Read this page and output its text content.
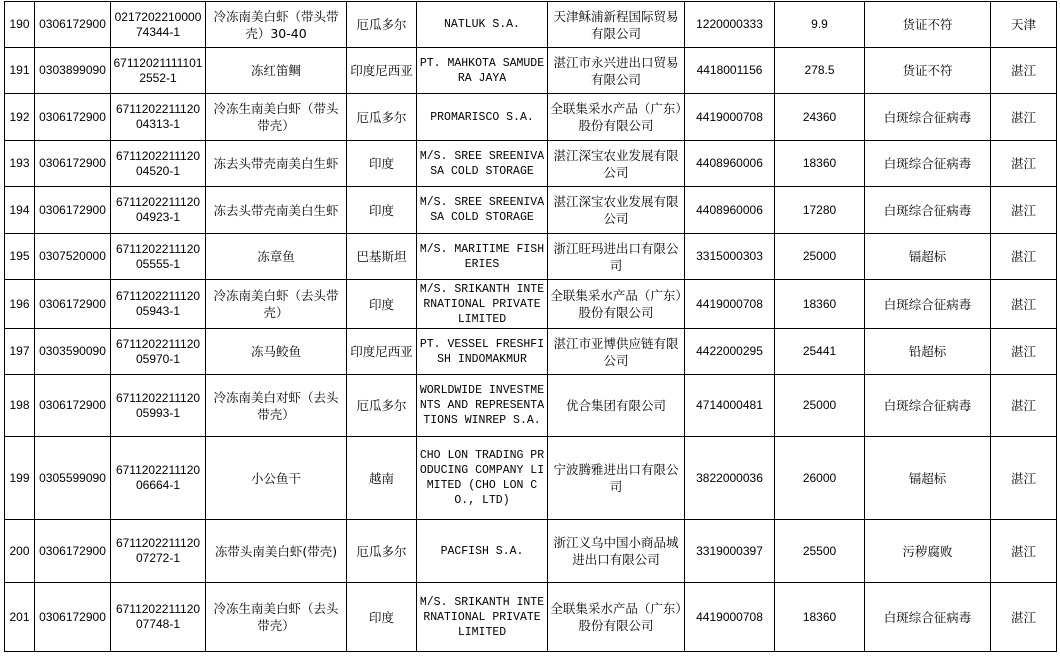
190	0306172900	021720221000074344-1	冷冻南美白虾（带头带壳）30-40	厄瓜多尔	NATLUK S.A.	天津稣浦新程国际贸易有限公司	1220000333	9.9	货证不符	天津

191	0303899090	671120211111012552-1	冻红笛鲷	印度尼西亚	PT. MAHKOTA SAMUDERA JAYA	湛江市永兴进出口贸易有限公司	4418001156	278.5	货证不符	湛江

192	0306172900	671120221112004313-1	冷冻生南美白虾（带头带壳）	厄瓜多尔	PROMARISCO S.A.	全联集采水产品（广东）股份有限公司	4419000708	24360	白斑综合征病毒	湛江

193	0306172900	671120221112004520-1	冻去头带壳南美白生虾	印度	M/S. SREE SREENIVASA COLD STORAGE	湛江深宝农业发展有限公司	4408960006	18360	白斑综合征病毒	湛江

194	0306172900	671120221112004923-1	冻去头带壳南美白生虾	印度	M/S. SREE SREENIVASA COLD STORAGE	湛江深宝农业发展有限公司	4408960006	17280	白斑综合征病毒	湛江

195	0307520000	671120221112005555-1	冻章鱼	巴基斯坦	M/S. MARITIME FISHERIES	浙江旺玛进出口有限公司	3315000303	25000	镉超标	湛江

196	0306172900	671120221112005943-1	冷冻南美白虾（去头带壳）	印度	M/S. SRIKANTH INTERNATIONAL PRIVATE LIMITED	全联集采水产品（广东）股份有限公司	4419000708	18360	白斑综合征病毒	湛江

197	0303590090	671120221112005970-1	冻马鲛鱼	印度尼西亚	PT. VESSEL FRESHFISH INDOMAKMUR	湛江市亚博供应链有限公司	4422000295	25441	铅超标	湛江

198	0306172900	671120221112005993-1	冷冻南美白对虾（去头带壳）	厄瓜多尔	WORLDWIDE INVESTMENTS AND REPRESENTATIONS WINREP S.A.	优合集团有限公司	4714000481	25000	白斑综合征病毒	湛江

199	0305599090	671120221112006664-1	小公鱼干	越南	CHO LON TRADING PRODUCING COMPANY LIMITED (CHO LON CO., LTD)	宁波腾雅进出口有限公司	3822000036	26000	镉超标	湛江

200	0306172900	671120221112007272-1	冻带头南美白虾(带壳)	厄瓜多尔	PACFISH S.A.	浙江义乌中国小商品城进出口有限公司	3319000397	25500	污秽腐败	湛江

201	0306172900	671120221112007748-1	冷冻生南美白虾（去头带壳）	印度	M/S. SRIKANTH INTERNATIONAL PRIVATE LIMITED	全联集采水产品（广东）股份有限公司	4419000708	18360	白斑综合征病毒	湛江
